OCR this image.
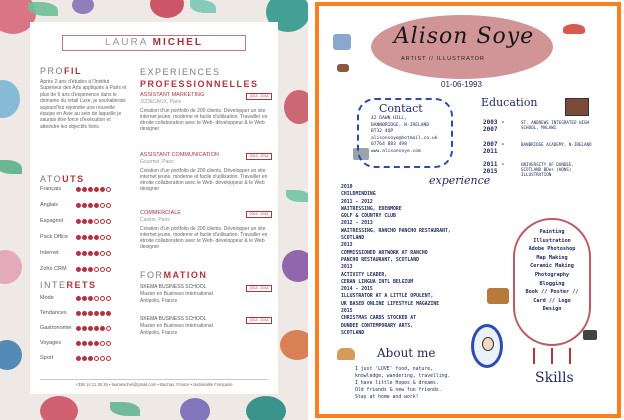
LAURA MICHEL
PROFIL
Après 2 ans d'études à l'Institut Supérieur des Arts appliqués à Paris et plus de 6 ans d'expérience dans le domaine du retail Luxe, je souhaiterais aujourd'hui rejoindre une nouvelle équipe en Asie au sein de laquelle je saurais être force d'exécution et atteindre les objectifs fixés.
ATOUTS
Français
Anglais
Espagnol
Pack Office
Internet
Zoho CRM
INTERETS
Mode
Tendances
Gastronomie
Voyages
Sport
EXPERIENCES
PROFESSIONNELLES
ASSISTANT MARKETING
JCDECAUX, Paris
2013 - 2014
Création d'un portfolio de 200 clients. Développer un site internet jeune, moderne et facile d'utilisation. Travailler en étroite collaboration avec le Web- développeur & le Web designer
ASSISTANT COMMUNICATION
Gourmet, Paris
2013 - 2014
Création d'un portfolio de 200 clients. Développer un site internet jeune, moderne et facile d'utilisation. Travailler en étroite collaboration avec le Web- développeur & le Web designer
COMMERCIALE
Casino, Paris
2013 - 2014
Création d'un portfolio de 200 clients. Développer un site internet jeune, moderne et facile d'utilisation. Travailler en étroite collaboration avec le Web- développeur & le Web designer
FORMATION
SKEMA BUSINESS SCHOOL
Master en Business International
Antipolis, France
2013 - 2014
SKEMA BUSINESS SCHOOL
Master en Business International
Antipolis, France
2013 - 2014
+336 14 11 36 36 • lauramichel@gmail.com • Bachas, France • Nationalité Française
Alison Soye
ARTIST // ILLUSTRATOR
01-06-1993
Contact
42 DAWN HILL,
BANNBRIDGE, N-IRELAND
BT32 4QP
alisonsoye@hotmail.co.uk
07764 883 498
www.alisonsoye.com
Education
2003 - 2007
ST. ANDREWS INTEGRATED HIGH SCHOOL, MALAWI
2007 - 2011
BANBRIDGE ACADEMY, N-IRELAND
2011 - 2015
UNIVERSITY OF DUNDEE, SCOTLAND BDes (HONS) ILLUSTRATION
experience
2010
CHILDMINDING
2011 - 2012
WAITRESSING, EDENMORE
GOLF & COUNTRY CLUB
2012 - 2013
WAITRESSING, RANCHO PANCHO RESTAURANT,
SCOTLAND
2013
COMMISSIONED ARTWORK AT RANCHO
PANCHO RESTAURANT, SCOTLAND
2013
ACTIVITY LEADER,
CERAN LINGUA INTL BELGIUM
2014 - 2015
ILLUSTRATOR AT A LITTLE OPULENT,
UK BASED ONLINE LIFESTYLE MAGAZINE
2015
CHRISTMAS CARDS STOCKED AT
DUNDEE CONTEMPORARY ARTS,
SCOTLAND
Painting
Illustration
Adobe Photoshop
Map Making
Ceramic Making
Photography
Blogging
Book // Poster //
Card // Logo
Design
Skills
About me
I just 'LOVE' food, nature,
knowledge, wandering, travelling.
I have little Hopes & dreams.
Old friends & new fun friends.
Stay at home and work!
